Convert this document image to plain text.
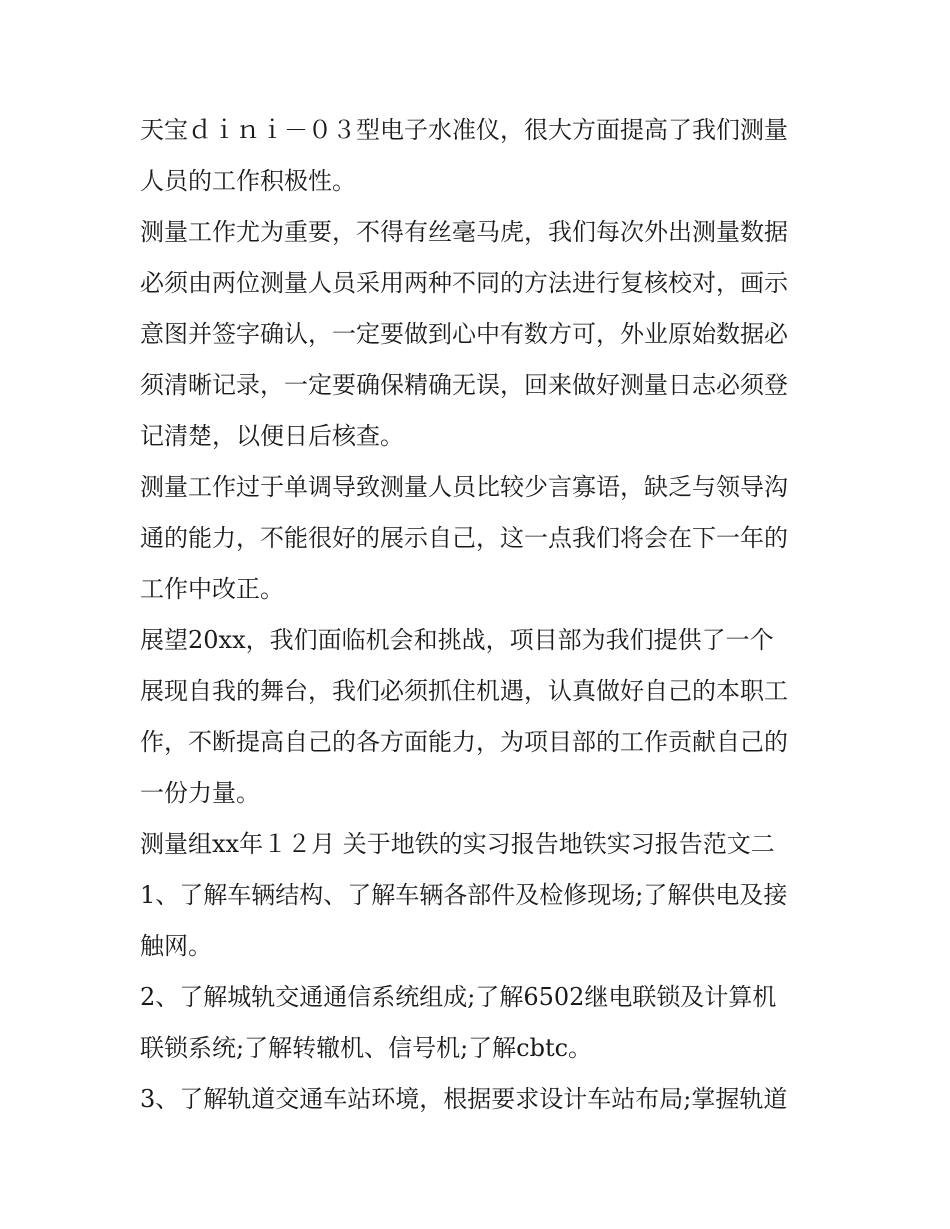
天宝ｄｉｎｉ－０３型电子水准仪，很大方面提高了我们测量
人员的工作积极性。
测量工作尤为重要，不得有丝毫马虎，我们每次外出测量数据
必须由两位测量人员采用两种不同的方法进行复核校对，画示
意图并签字确认，一定要做到心中有数方可，外业原始数据必
须清晰记录，一定要确保精确无误，回来做好测量日志必须登
记清楚，以便日后核查。
测量工作过于单调导致测量人员比较少言寡语，缺乏与领导沟
通的能力，不能很好的展示自己，这一点我们将会在下一年的
工作中改正。
展望20xx，我们面临机会和挑战，项目部为我们提供了一个
展现自我的舞台，我们必须抓住机遇，认真做好自己的本职工
作，不断提高自己的各方面能力，为项目部的工作贡献自己的
一份力量。
测量组xx年１２月 关于地铁的实习报告地铁实习报告范文二
1、了解车辆结构、了解车辆各部件及检修现场;了解供电及接
触网。
2、了解城轨交通通信系统组成;了解6502继电联锁及计算机
联锁系统;了解转辙机、信号机;了解cbtc。
3、了解轨道交通车站环境，根据要求设计车站布局;掌握轨道
